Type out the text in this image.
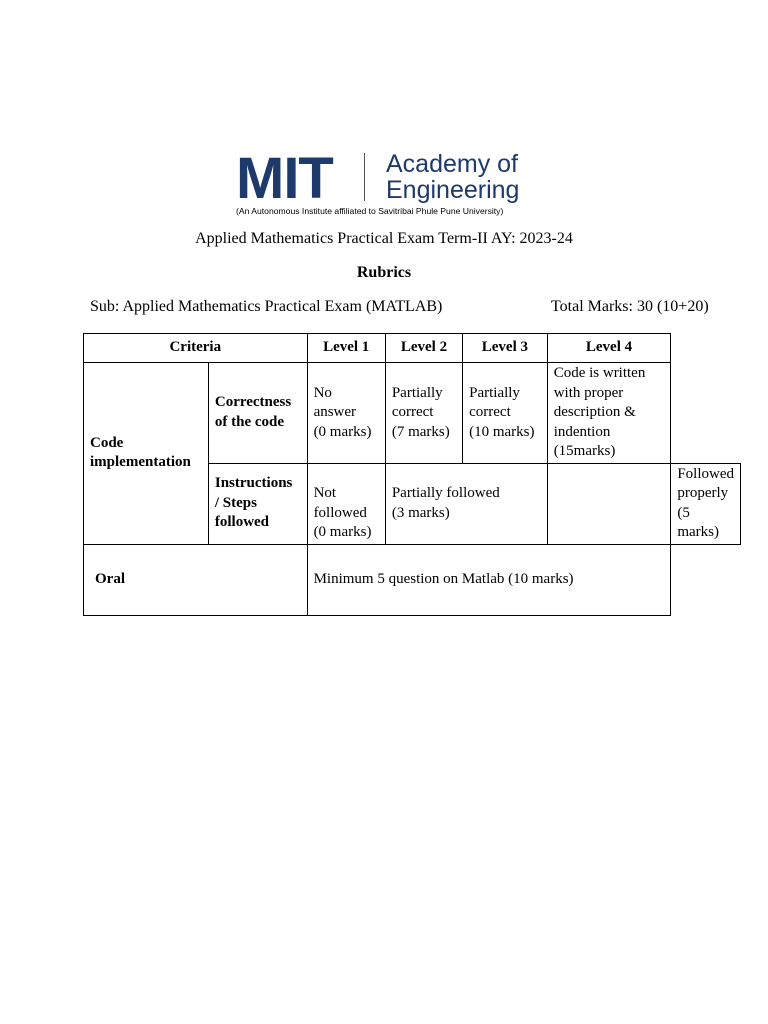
MIT Academy of
Engineering
(An Autonomous Institute affiliated to Savitribai Phule Pune University)
Applied Mathematics Practical Exam Term-II AY: 2023-24
Rubrics
Sub: Applied Mathematics Practical Exam (MATLAB)	Total Marks: 30 (10+20)
Criteria		Level 1	Level 2	Level 3	Level 4	
Code
implementation	Correctness
of the code	No
answer
(0 marks)	Partially
correct
(7 marks)	Partially
correct
(10 marks)	Code is written
with proper
description &
indention
(15marks)	
	Instructions
/ Steps
followed	Not
followed
(0 marks)	Partially followed
(3 marks)			Followed properly
(5 marks)
Oral		Minimum 5 question on Matlab (10 marks)				
